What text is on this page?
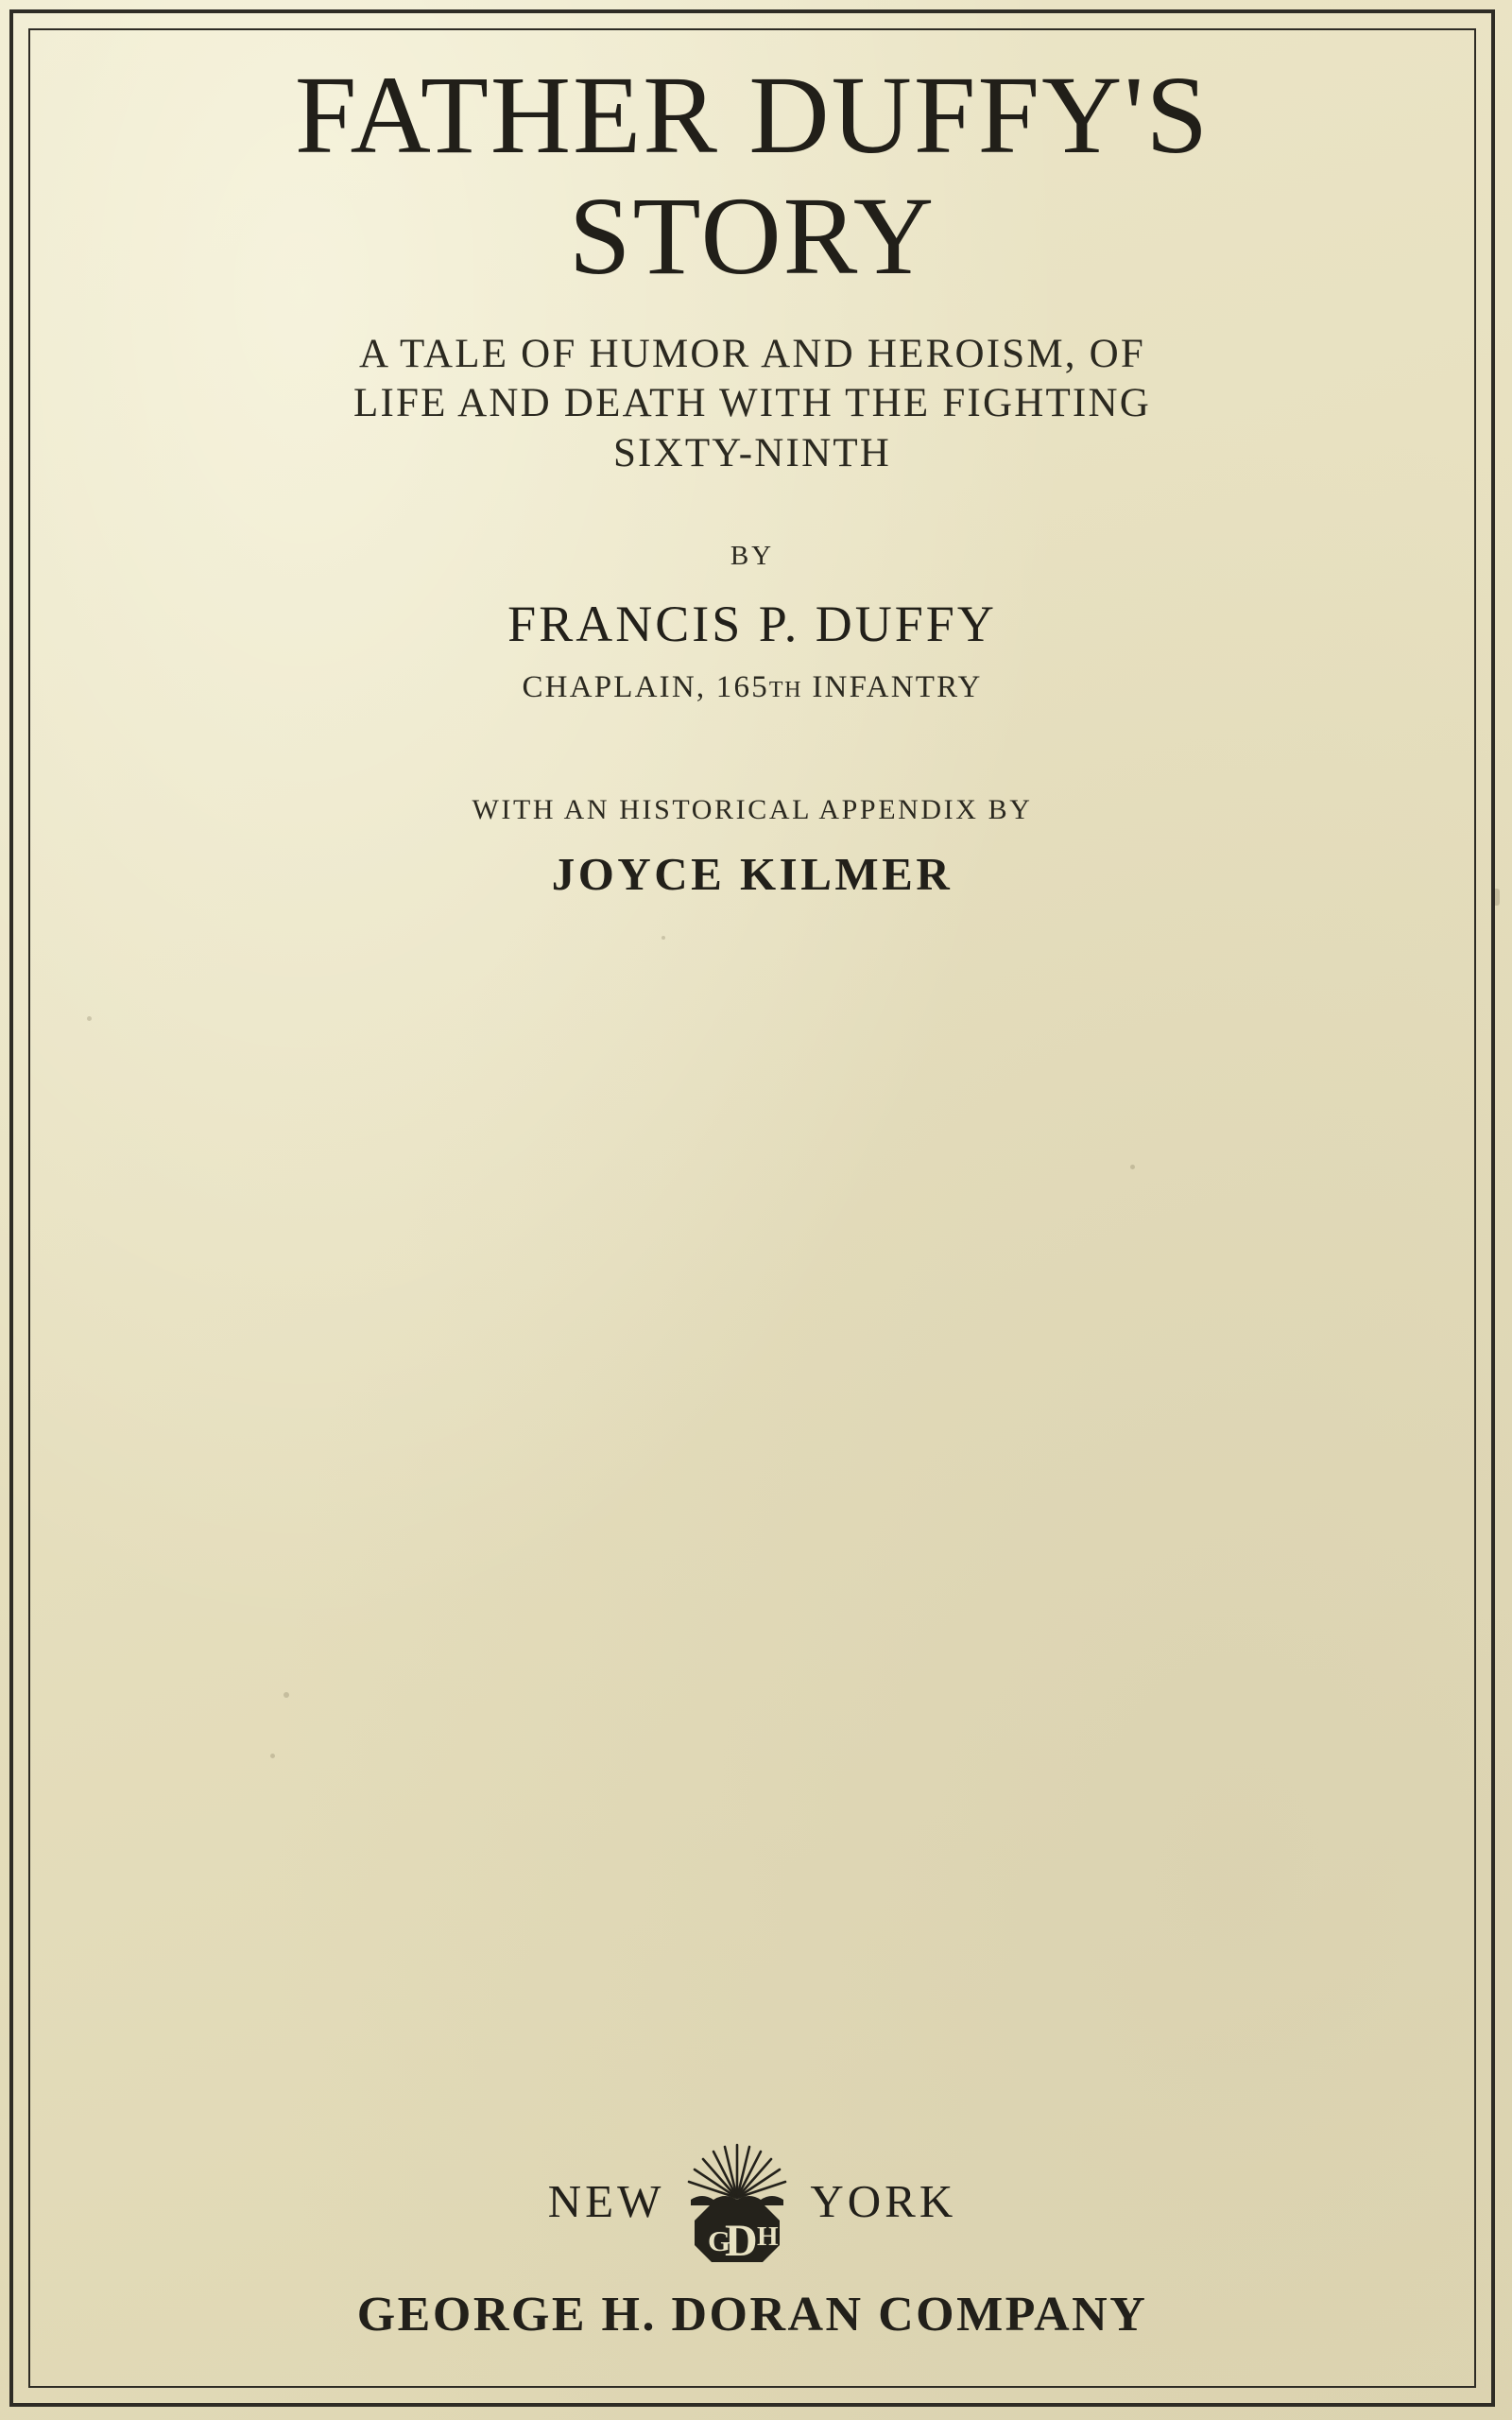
FATHER DUFFY'S
STORY
A TALE OF HUMOR AND HEROISM, OF
LIFE AND DEATH WITH THE FIGHTING
SIXTY-NINTH
BY
FRANCIS P. DUFFY
CHAPLAIN, 165TH INFANTRY
WITH AN HISTORICAL APPENDIX BY
JOYCE KILMER
NEW
G
D H
YORK
GEORGE H. DORAN COMPANY
